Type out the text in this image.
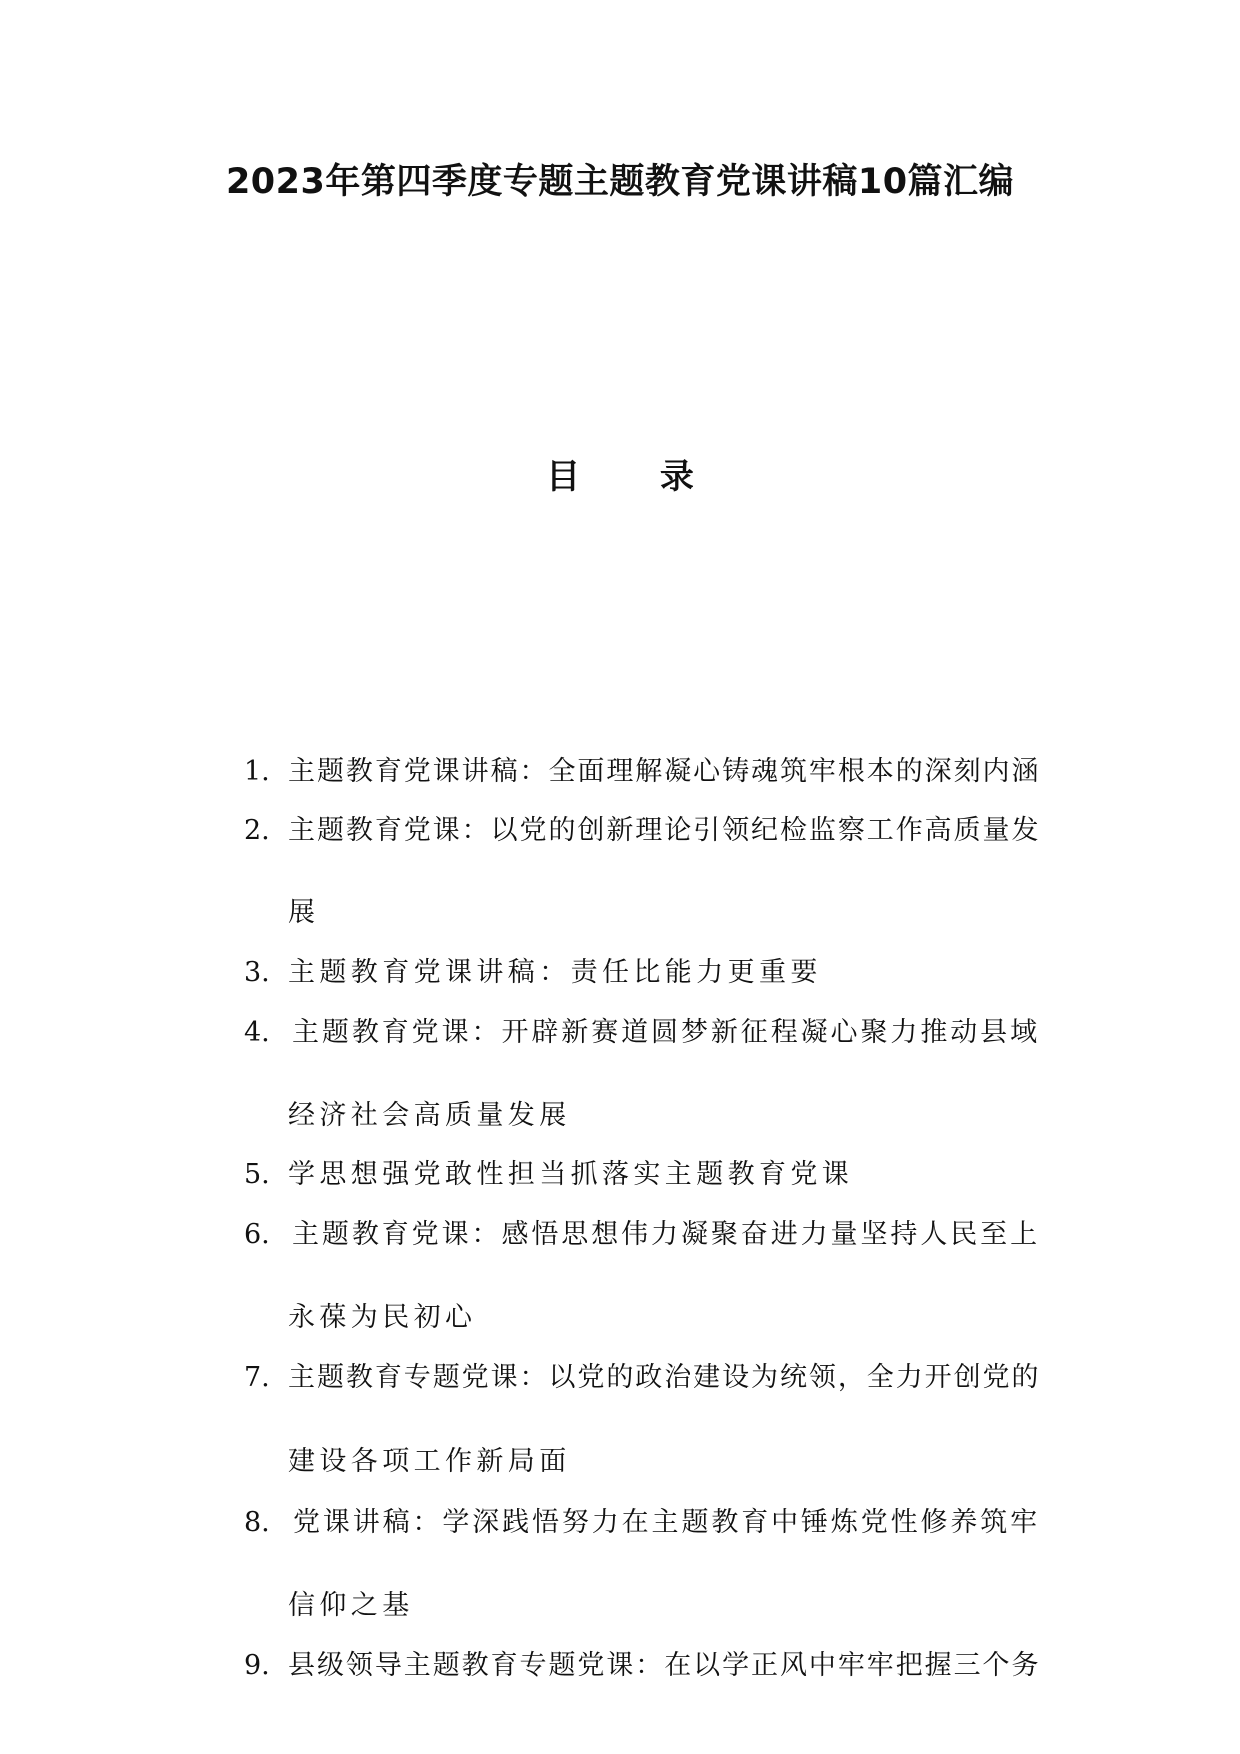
2023年第四季度专题主题教育党课讲稿10篇汇编
目 录
1. 主题教育党课讲稿：全面理解凝心铸魂筑牢根本的深刻内涵
2. 主题教育党课：以党的创新理论引领纪检监察工作高质量发
展
3. 主题教育党课讲稿：责任比能力更重要
4. 主题教育党课：开辟新赛道圆梦新征程凝心聚力推动县域
经济社会高质量发展
5. 学思想强党敢性担当抓落实主题教育党课
6. 主题教育党课：感悟思想伟力凝聚奋进力量坚持人民至上
永葆为民初心
7. 主题教育专题党课：以党的政治建设为统领，全力开创党的
建设各项工作新局面
8. 党课讲稿：学深践悟努力在主题教育中锤炼党性修养筑牢
信仰之基
9. 县级领导主题教育专题党课：在以学正风中牢牢把握三个务
